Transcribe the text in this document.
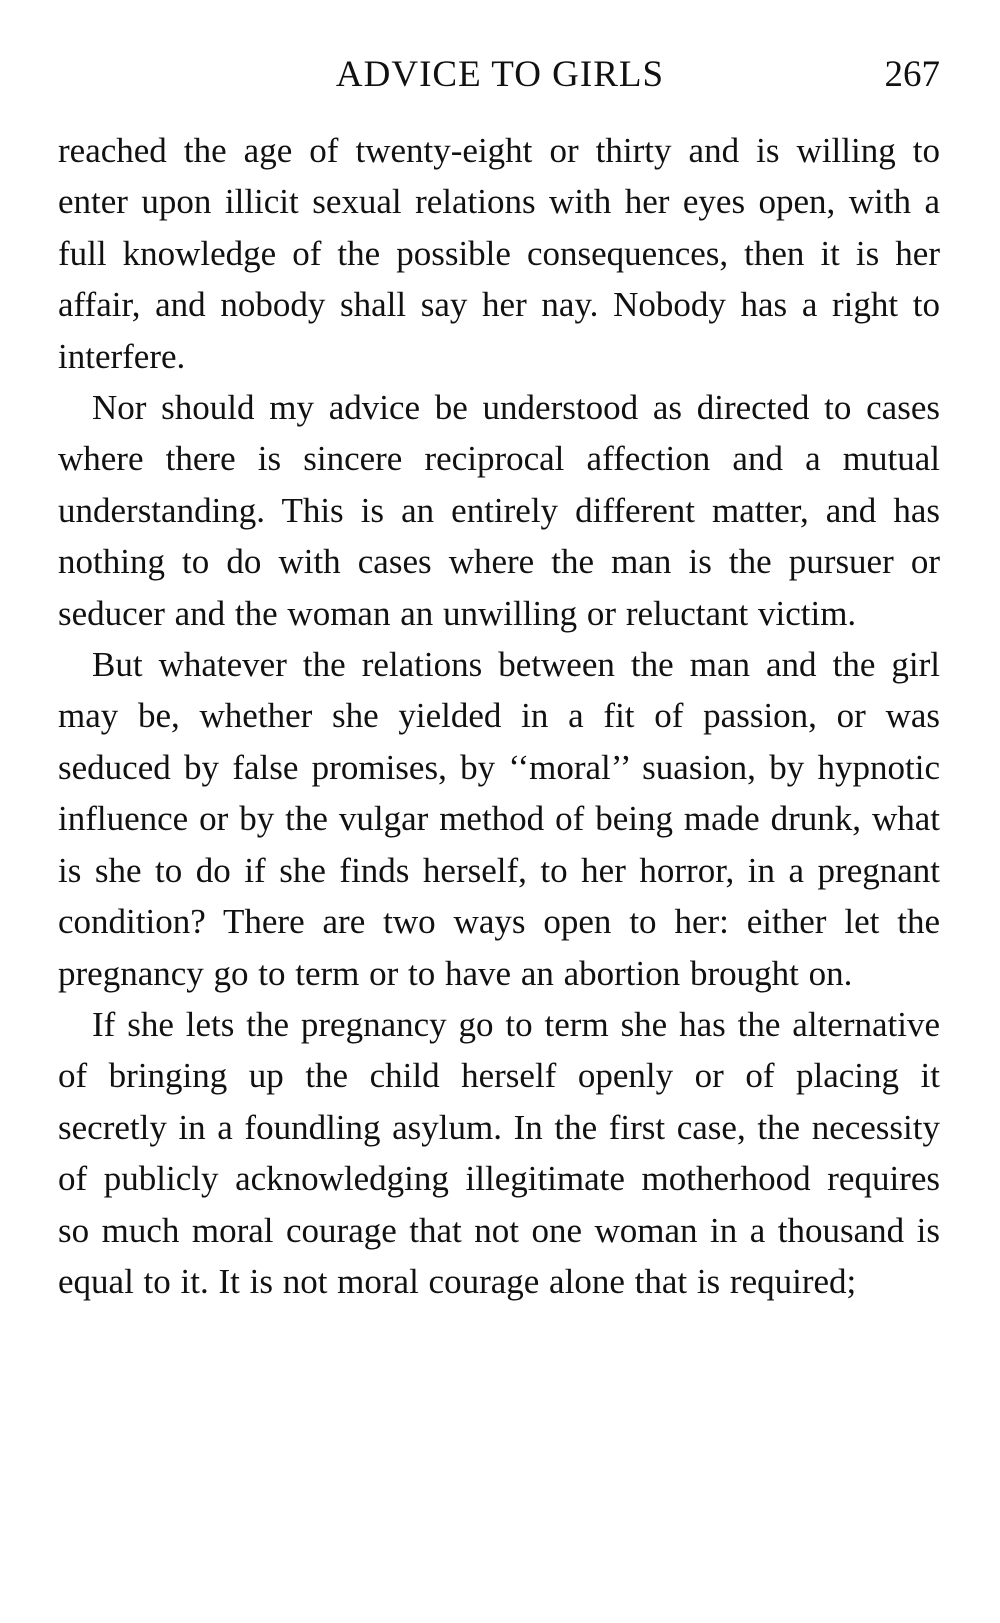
ADVICE TO GIRLS	267

reached the age of twenty-eight or thirty and is willing to enter upon illicit sexual relations with her eyes open, with a full knowledge of the possible consequences, then it is her affair, and nobody shall say her nay. Nobody has a right to interfere.

Nor should my advice be understood as directed to cases where there is sincere reciprocal affection and a mutual understanding. This is an entirely different matter, and has nothing to do with cases where the man is the pursuer or seducer and the woman an unwilling or reluctant victim.

But whatever the relations between the man and the girl may be, whether she yielded in a fit of passion, or was seduced by false promises, by ‘‘moral’’ suasion, by hypnotic influence or by the vulgar method of being made drunk, what is she to do if she finds herself, to her horror, in a pregnant condition? There are two ways open to her: either let the pregnancy go to term or to have an abortion brought on.

If she lets the pregnancy go to term she has the alternative of bringing up the child herself openly or of placing it secretly in a foundling asylum. In the first case, the necessity of publicly acknowledging illegitimate motherhood requires so much moral courage that not one woman in a thousand is equal to it. It is not moral courage alone that is required;
